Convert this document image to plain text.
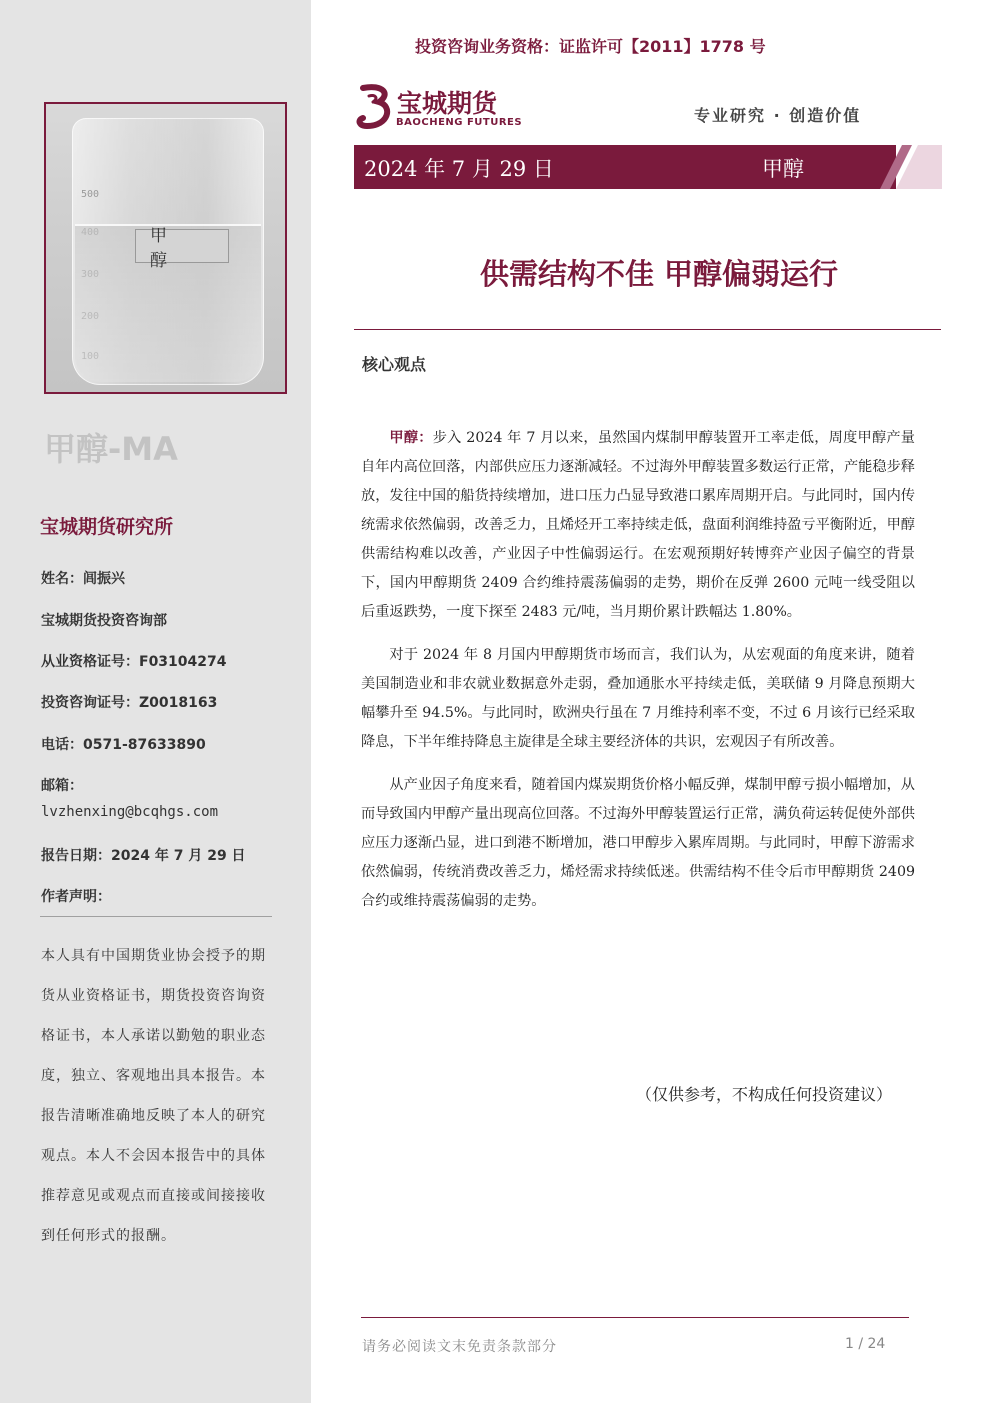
500
甲 醇
甲醇-MA
宝城期货研究所
姓名：闾振兴
宝城期货投资咨询部
从业资格证号：F03104274
投资咨询证号：Z0018163
电话：0571-87633890
邮箱：
lvzhenxing@bcqhgs.com
报告日期：2024 年 7 月 29 日
作者声明：
本人具有中国期货业协会授予的期货从业资格证书，期货投资咨询资格证书，本人承诺以勤勉的职业态度，独立、客观地出具本报告。本报告清晰准确地反映了本人的研究观点。本人不会因本报告中的具体推荐意见或观点而直接或间接接收到任何形式的报酬。
投资咨询业务资格：证监许可【2011】1778 号
宝城期货
BAOCHENG FUTURES	专业研究 · 创造价值
2024 年 7 月 29 日	甲醇
供需结构不佳 甲醇偏弱运行
核心观点

甲醇：步入 2024 年 7 月以来，虽然国内煤制甲醇装置开工率走低，周度甲醇产量自年内高位回落，内部供应压力逐渐减轻。不过海外甲醇装置多数运行正常，产能稳步释放，发往中国的船货持续增加，进口压力凸显导致港口累库周期开启。与此同时，国内传统需求依然偏弱，改善乏力，且烯烃开工率持续走低，盘面利润维持盈亏平衡附近，甲醇供需结构难以改善，产业因子中性偏弱运行。在宏观预期好转博弈产业因子偏空的背景下，国内甲醇期货 2409 合约维持震荡偏弱的走势，期价在反弹 2600 元吨一线受阻以后重返跌势，一度下探至 2483 元/吨，当月期价累计跌幅达 1.80%。

对于 2024 年 8 月国内甲醇期货市场而言，我们认为，从宏观面的角度来讲，随着美国制造业和非农就业数据意外走弱，叠加通胀水平持续走低，美联储 9 月降息预期大幅攀升至 94.5%。与此同时，欧洲央行虽在 7 月维持利率不变，不过 6 月该行已经采取降息，下半年维持降息主旋律是全球主要经济体的共识，宏观因子有所改善。

从产业因子角度来看，随着国内煤炭期货价格小幅反弹，煤制甲醇亏损小幅增加，从而导致国内甲醇产量出现高位回落。不过海外甲醇装置运行正常，满负荷运转促使外部供应压力逐渐凸显，进口到港不断增加，港口甲醇步入累库周期。与此同时，甲醇下游需求依然偏弱，传统消费改善乏力，烯烃需求持续低迷。供需结构不佳令后市甲醇期货 2409 合约或维持震荡偏弱的走势。

（仅供参考，不构成任何投资建议）
请务必阅读文末免责条款部分	1 / 24
